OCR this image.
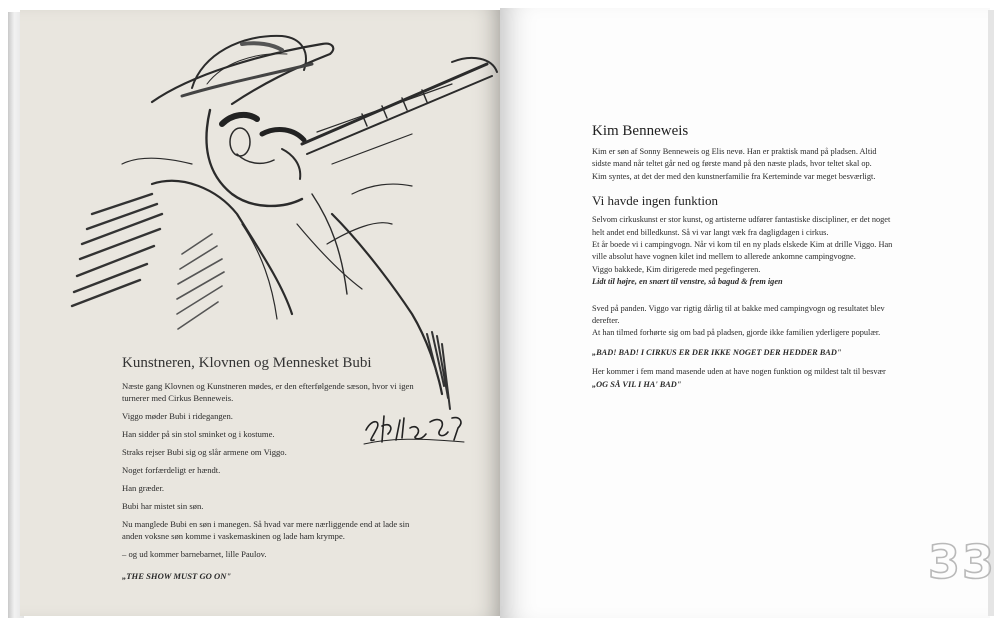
Kunstneren, Klovnen og Mennesket Bubi

Næste gang Klovnen og Kunstneren mødes, er den efterfølgende sæson, hvor vi igen turnerer med Cirkus Benneweis.

Viggo møder Bubi i ridegangen.

Han sidder på sin stol sminket og i kostume.

Straks rejser Bubi sig og slår armene om Viggo.

Noget forfærdeligt er hændt.

Han græder.

Bubi har mistet sin søn.

Nu manglede Bubi en søn i manegen. Så hvad var mere nærliggende end at lade sin anden voksne søn komme i vaskemaskinen og lade ham krympe.

– og ud kommer barnebarnet, lille Paulov.

„THE SHOW MUST GO ON"

Kim Benneweis

Kim er søn af Sonny Benneweis og Elis nevø. Han er praktisk mand på pladsen. Altid sidste mand når teltet går ned og første mand på den næste plads, hvor teltet skal op.

Kim syntes, at det der med den kunstnerfamilie fra Kerteminde var meget besværligt.

Vi havde ingen funktion

Selvom cirkuskunst er stor kunst, og artisterne udfører fantastiske discipliner, er det noget helt andet end billedkunst. Så vi var langt væk fra dagligdagen i cirkus.

Et år boede vi i campingvogn. Når vi kom til en ny plads elskede Kim at drille Viggo. Han ville absolut have vognen kilet ind mellem to allerede ankomne campingvogne.

Viggo bakkede, Kim dirigerede med pegefingeren.

Lidt til højre, en snært til venstre, så bagud & frem igen

Sved på panden. Viggo var rigtig dårlig til at bakke med campingvogn og resultatet blev derefter.

At han tilmed forhørte sig om bad på pladsen, gjorde ikke familien yderligere populær.

„BAD! BAD! I CIRKUS ER DER IKKE NOGET DER HEDDER BAD"

Her kommer i fem mand masende uden at have nogen funktion og mildest talt til besvær „OG SÅ VIL I HA' BAD"

33
